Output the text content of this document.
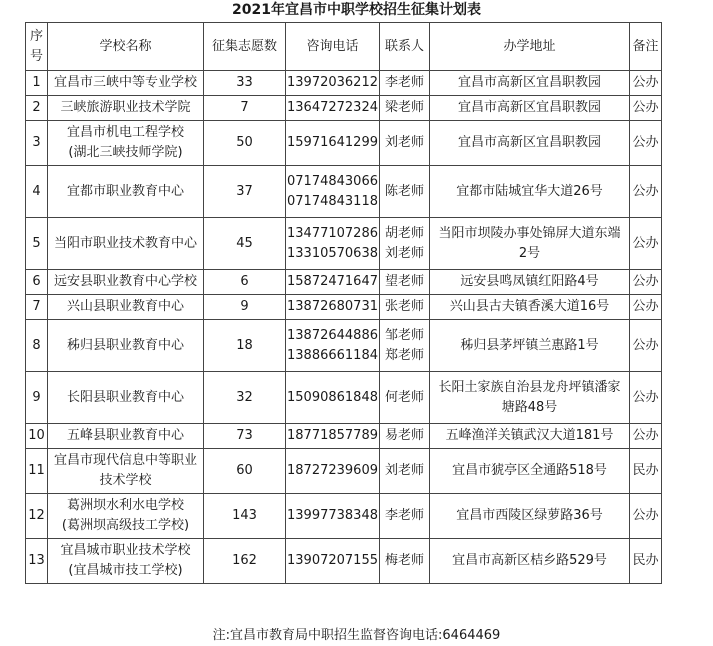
2021年宜昌市中职学校招生征集计划表
序
号	学校名称	征集志愿数	咨询电话	联系人	办学地址	备注
1	宜昌市三峡中等专业学校	33	13972036212	李老师	宜昌市高新区宜昌职教园	公办
2	三峡旅游职业技术学院	7	13647272324	梁老师	宜昌市高新区宜昌职教园	公办
3	宜昌市机电工程学校
(湖北三峡技师学院)	50	15971641299	刘老师	宜昌市高新区宜昌职教园	公办
4	宜都市职业教育中心	37	07174843066
07174843118	陈老师	宜都市陆城宜华大道26号	公办
5	当阳市职业技术教育中心	45	13477107286
13310570638	胡老师
刘老师	当阳市坝陵办事处锦屏大道东端
2号	公办
6	远安县职业教育中心学校	6	15872471647	望老师	远安县鸣凤镇红阳路4号	公办
7	兴山县职业教育中心	9	13872680731	张老师	兴山县古夫镇香溪大道16号	公办
8	秭归县职业教育中心	18	13872644886
13886661184	邹老师
郑老师	秭归县茅坪镇兰惠路1号	公办
9	长阳县职业教育中心	32	15090861848	何老师	长阳土家族自治县龙舟坪镇潘家
塘路48号	公办
10	五峰县职业教育中心	73	18771857789	易老师	五峰渔洋关镇武汉大道181号	公办
11	宜昌市现代信息中等职业
技术学校	60	18727239609	刘老师	宜昌市猇亭区全通路518号	民办
12	葛洲坝水利水电学校
(葛洲坝高级技工学校)	143	13997738348	李老师	宜昌市西陵区绿萝路36号	公办
13	宜昌城市职业技术学校
(宜昌城市技工学校)	162	13907207155	梅老师	宜昌市高新区桔乡路529号	民办
注:宜昌市教育局中职招生监督咨询电话:6464469
